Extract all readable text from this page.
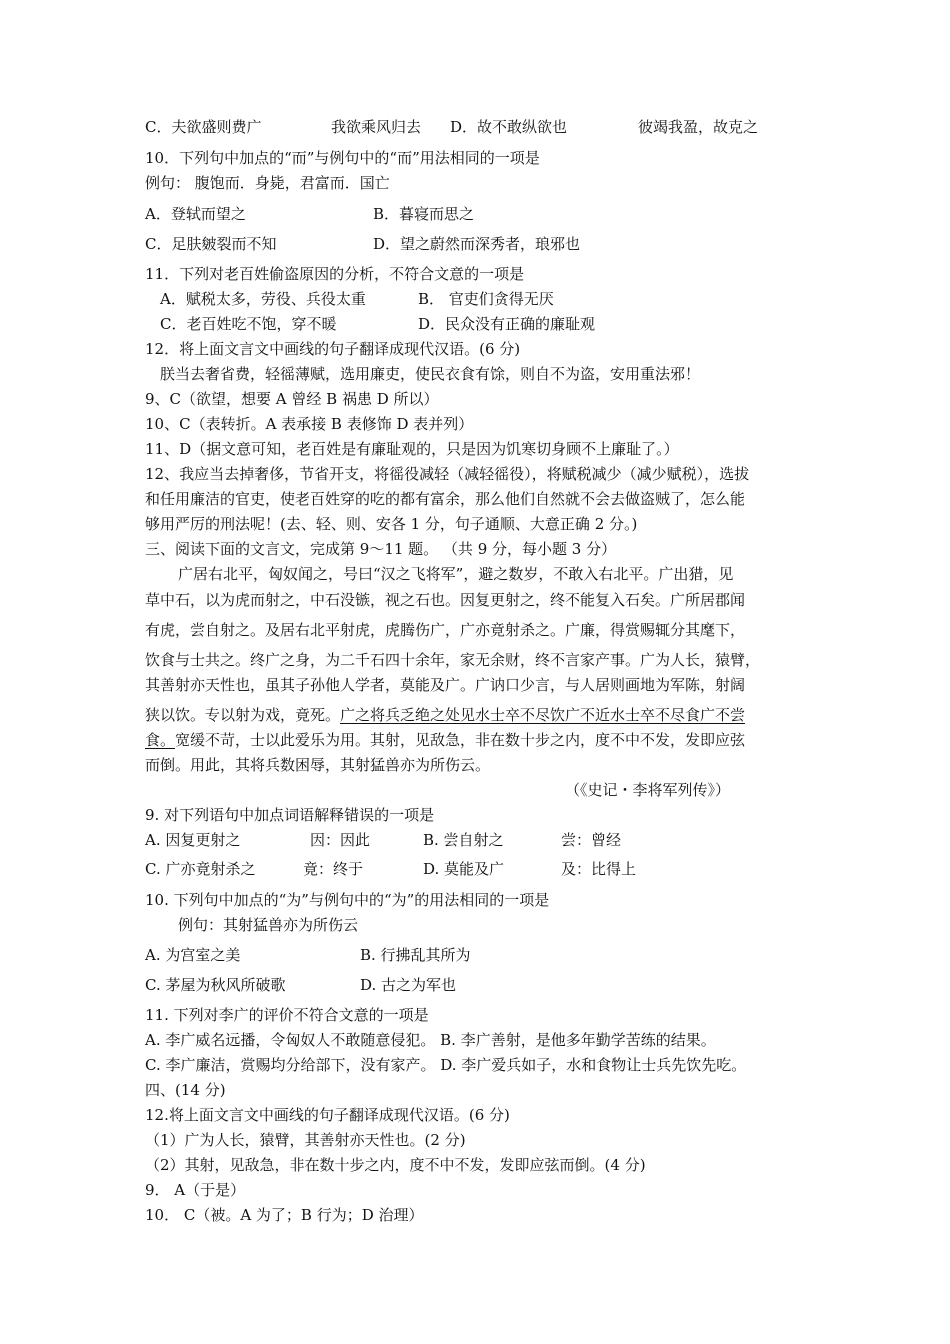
C．夫欲盛则费广	我欲乘风归去 D．故不敢纵欲也	彼竭我盈，故克之
10．下列句中加点的“而”与例句中的“而”用法相同的一项是
例句： 腹饱而．身毙，君富而．国亡
A．登轼而望之	B．暮寝而思之
C．足肤皴裂而不知	D．望之蔚然而深秀者，琅邪也
11．下列对老百姓偷盗原因的分析，不符合文意的一项是
A．赋税太多，劳役、兵役太重	B． 官吏们贪得无厌
C．老百姓吃不饱，穿不暖	D．民众没有正确的廉耻观
12．将上面文言文中画线的句子翻译成现代汉语。(6 分)
朕当去奢省费，轻徭薄赋，选用廉吏，使民衣食有馀，则自不为盗，安用重法邪！
9、C（欲望，想要 A 曾经 B 祸患 D 所以）
10、C（表转折。A 表承接 B 表修饰 D 表并列）
11、D（据文意可知，老百姓是有廉耻观的，只是因为饥寒切身顾不上廉耻了。）
12、我应当去掉奢侈，节省开支，将徭役减轻（减轻徭役），将赋税减少（减少赋税），选拔
和任用廉洁的官吏，使老百姓穿的吃的都有富余，那么他们自然就不会去做盗贼了，怎么能
够用严厉的刑法呢！(去、轻、则、安各 1 分，句子通顺、大意正确 2 分。)
三、阅读下面的文言文，完成第 9～11 题。 （共 9 分，每小题 3 分）
广居右北平，匈奴闻之，号曰“汉之飞将军”，避之数岁，不敢入右北平。广出猎，见
草中石，以为虎而射之，中石没镞，视之石也。因复更射之，终不能复入石矣。广所居郡闻
有虎，尝自射之。及居右北平射虎，虎腾伤广，广亦竟射杀之。广廉，得赏赐辄分其麾下，
饮食与士共之。终广之身，为二千石四十余年，家无余财，终不言家产事。广为人长，猿臂，
其善射亦天性也，虽其子孙他人学者，莫能及广。广讷口少言，与人居则画地为军陈，射阔
狭以饮。专以射为戏，竟死。广之将兵乏绝之处见水士卒不尽饮广不近水士卒不尽食广不尝
食。宽缓不苛，士以此爱乐为用。其射，见敌急，非在数十步之内，度不中不发，发即应弦
而倒。用此，其将兵数困辱，其射猛兽亦为所伤云。
（《史记・李将军列传》）
9. 对下列语句中加点词语解释错误的一项是
A. 因复更射之	因：因此	B. 尝自射之	尝：曾经
C. 广亦竟射杀之	竟：终于	D. 莫能及广	及：比得上
10. 下列句中加点的“为”与例句中的“为”的用法相同的一项是
例句：其射猛兽亦为所伤云
A. 为宫室之美	B. 行拂乱其所为
C. 茅屋为秋风所破歌	D. 古之为军也
11. 下列对李广的评价不符合文意的一项是
A. 李广威名远播，令匈奴人不敢随意侵犯。 B. 李广善射，是他多年勤学苦练的结果。
C. 李广廉洁，赏赐均分给部下，没有家产。 D. 李广爱兵如子，水和食物让士兵先饮先吃。
四、(14 分)
12.将上面文言文中画线的句子翻译成现代汉语。(6 分)
（1）广为人长，猿臂，其善射亦天性也。(2 分)
（2）其射，见敌急，非在数十步之内，度不中不发，发即应弦而倒。(4 分)
9． A（于是）
10． C（被。A 为了；B 行为；D 治理）
